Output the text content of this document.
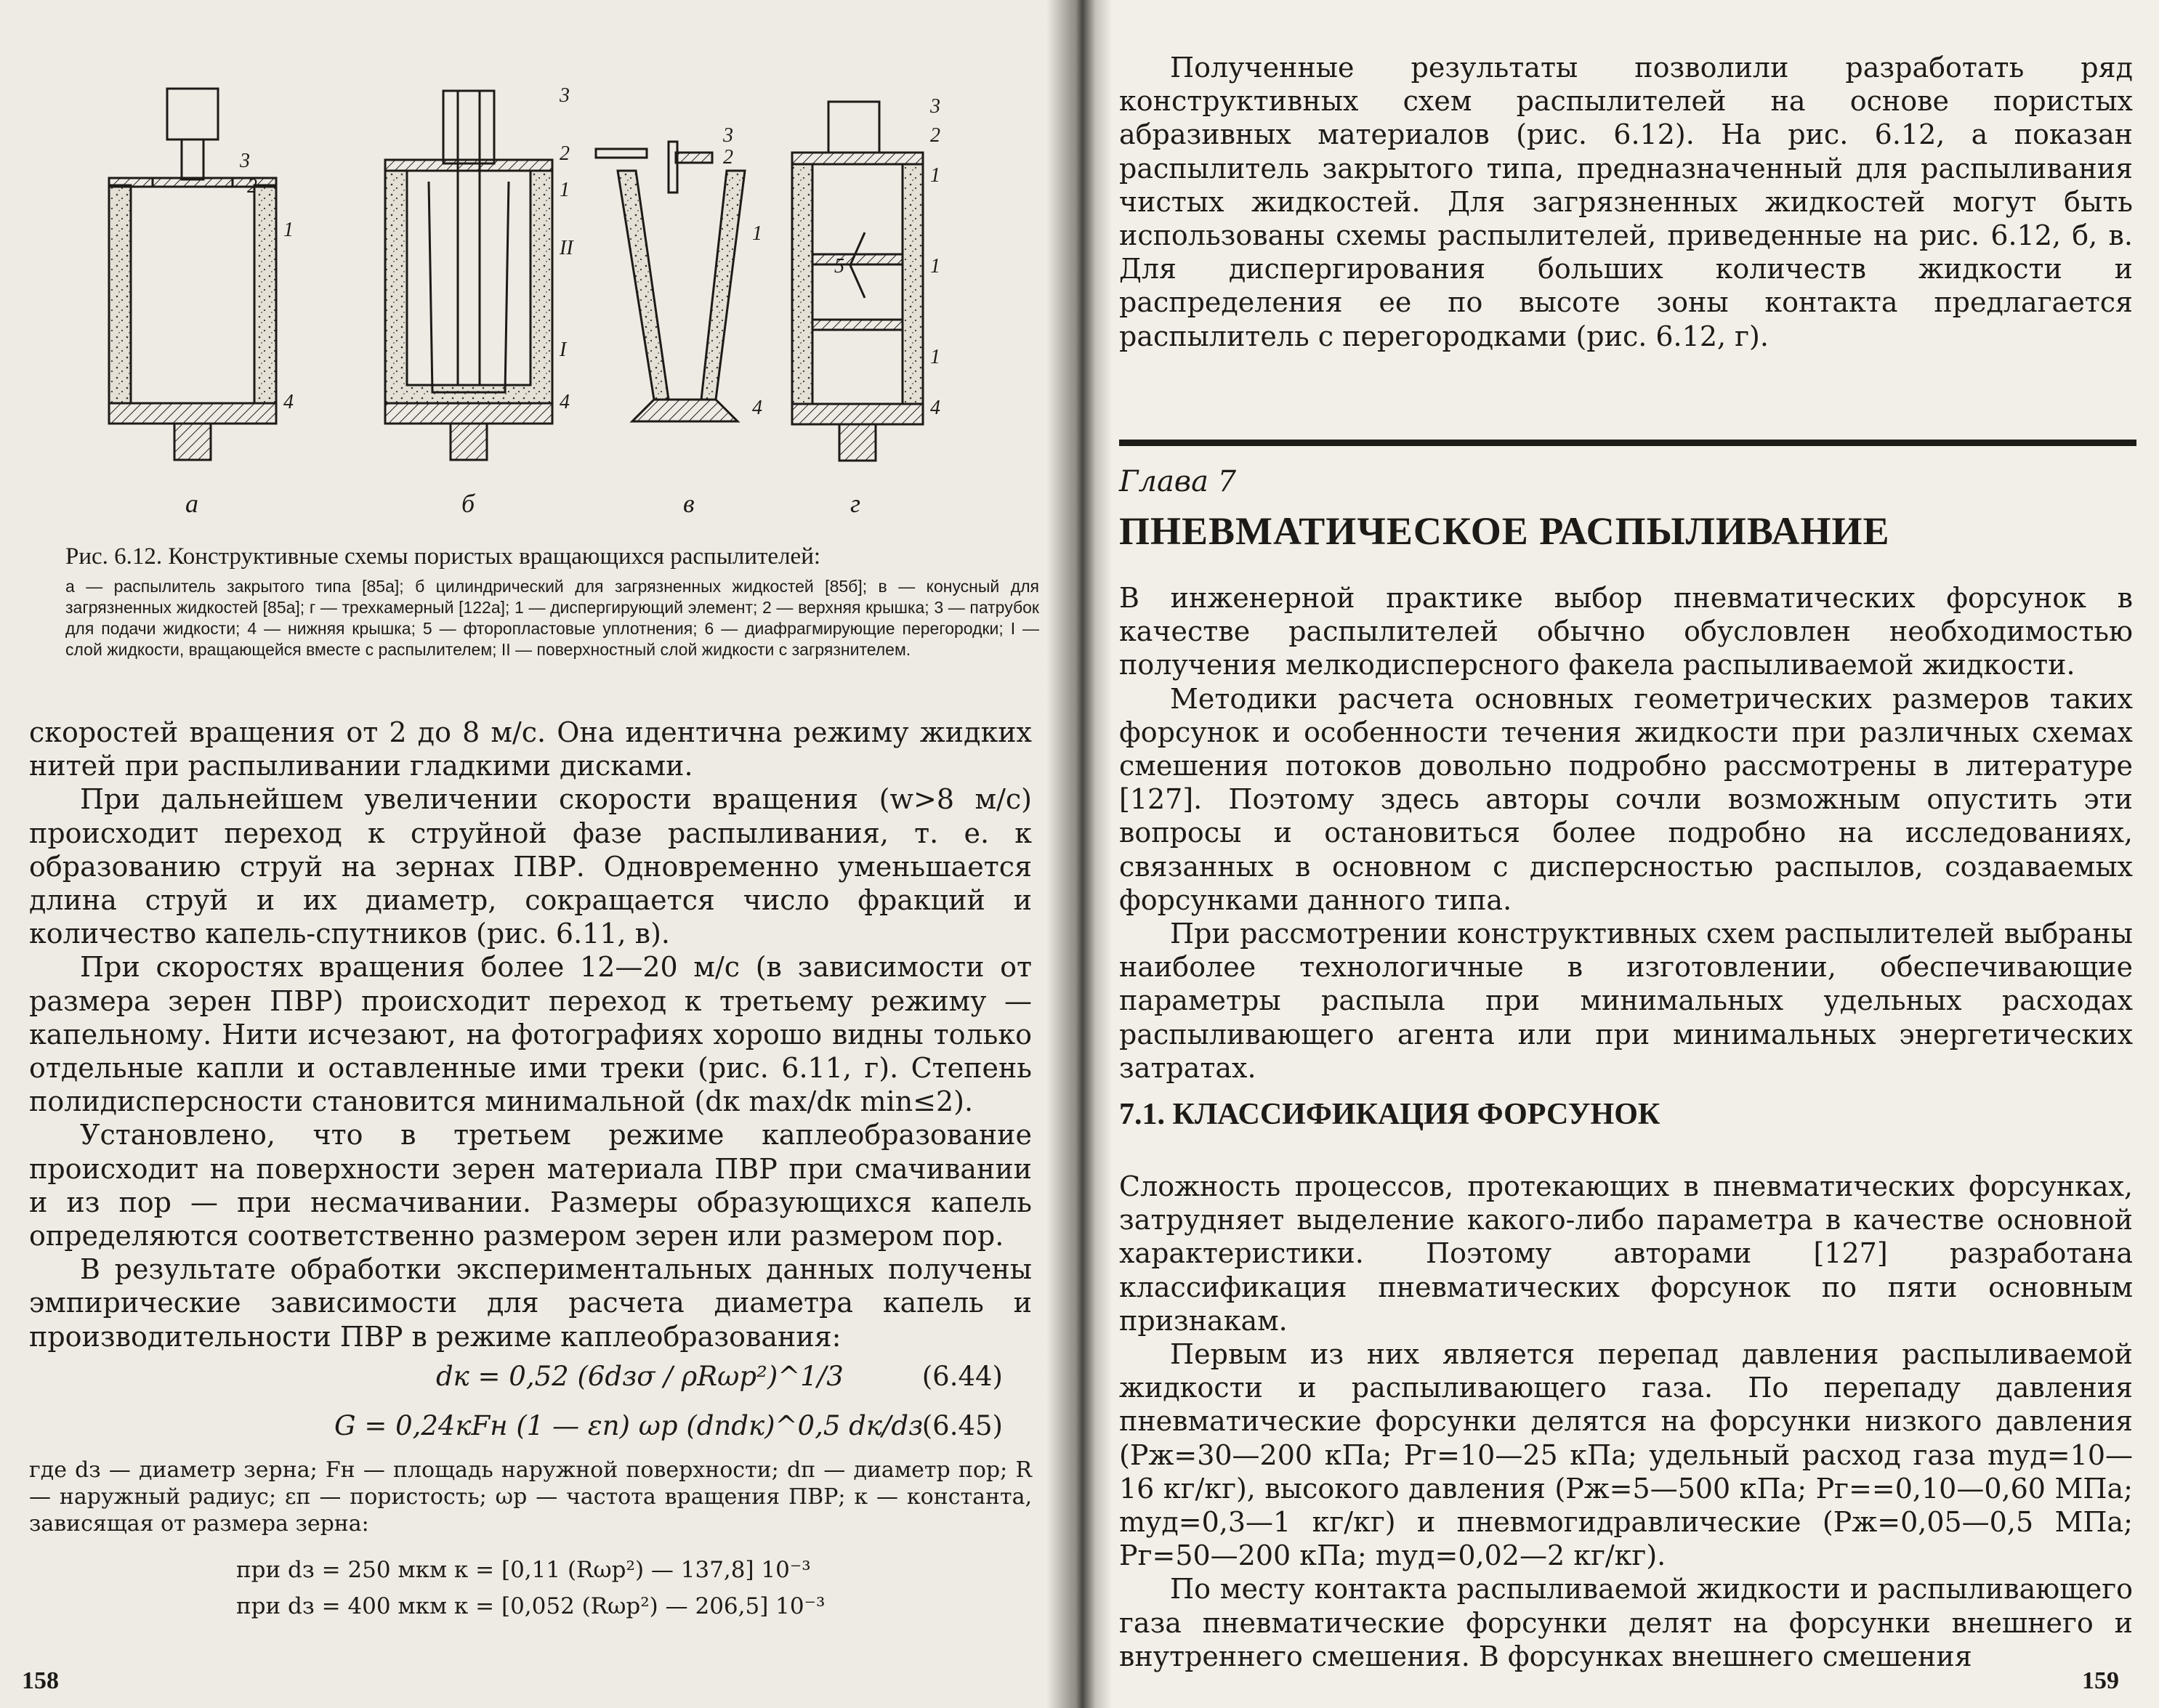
3
2
1
4
3
2
1
II
I
4
3
2
1
4
3
2
1
5	1
1
4
а	б	в	г

Рис. 6.12. Конструктивные схемы пористых вращающихся распылителей:

а — распылитель закрытого типа [85а]; б цилиндрический для загрязненных жидкостей [85б]; в — конусный для загрязненных жидкостей [85а]; г — трехкамерный [122а]; 1 — диспергирующий элемент; 2 — верхняя крышка; 3 — патрубок для подачи жидкости; 4 — нижняя крышка; 5 — фторопластовые уплотнения; 6 — диафрагмирующие перегородки; I — слой жидкости, вращающейся вместе с распылителем; II — поверхностный слой жидкости с загрязнителем.

скоростей вращения от 2 до 8 м/с. Она идентична режиму жидких нитей при распыливании гладкими дисками.

При дальнейшем увеличении скорости вращения (w>8 м/с) происходит переход к струйной фазе распыливания, т. е. к образованию струй на зернах ПВР. Одновременно уменьшается длина струй и их диаметр, сокращается число фракций и количество капель-спутников (рис. 6.11, в).

При скоростях вращения более 12—20 м/с (в зависимости от размера зерен ПВР) происходит переход к третьему режиму — капельному. Нити исчезают, на фотографиях хорошо видны только отдельные капли и оставленные ими треки (рис. 6.11, г). Степень полидисперсности становится минимальной (dк max/dк min≤2).

Установлено, что в третьем режиме каплеобразование происходит на поверхности зерен материала ПВР при смачивании и из пор — при несмачивании. Размеры образующихся капель определяются соответственно размером зерен или размером пор.

В результате обработки экспериментальных данных получены эмпирические зависимости для расчета диаметра капель и производительности ПВР в режиме каплеобразования:

dк = 0,52 (6dзσ / ρRωр²)^1/3	(6.44)
G = 0,24кFн (1 — εп) ωр (dпdк)^0,5 dк/dз
(6.45)

где dз — диаметр зерна; Fн — площадь наружной поверхности; dп — диаметр пор; R — наружный радиус; εп — пористость; ωр — частота вращения ПВР; к — константа, зависящая от размера зерна:

при dз = 250 мкм к = [0,11 (Rωр²) — 137,8] 10⁻³
при dз = 400 мкм к = [0,052 (Rωр²) — 206,5] 10⁻³
158

Полученные результаты позволили разработать ряд конструктивных схем распылителей на основе пористых абразивных материалов (рис. 6.12). На рис. 6.12, а показан распылитель закрытого типа, предназначенный для распыливания чистых жидкостей. Для загрязненных жидкостей могут быть использованы схемы распылителей, приведенные на рис. 6.12, б, в. Для диспергирования больших количеств жидкости и распределения ее по высоте зоны контакта предлагается распылитель с перегородками (рис. 6.12, г).

Глава 7

ПНЕВМАТИЧЕСКОЕ РАСПЫЛИВАНИЕ

В инженерной практике выбор пневматических форсунок в качестве распылителей обычно обусловлен необходимостью получения мелкодисперсного факела распыливаемой жидкости.

Методики расчета основных геометрических размеров таких форсунок и особенности течения жидкости при различных схемах смешения потоков довольно подробно рассмотрены в литературе [127]. Поэтому здесь авторы сочли возможным опустить эти вопросы и остановиться более подробно на исследованиях, связанных в основном с дисперсностью распылов, создаваемых форсунками данного типа.

При рассмотрении конструктивных схем распылителей выбраны наиболее технологичные в изготовлении, обеспечивающие параметры распыла при минимальных удельных расходах распыливающего агента или при минимальных энергетических затратах.

7.1. КЛАССИФИКАЦИЯ ФОРСУНОК

Сложность процессов, протекающих в пневматических форсунках, затрудняет выделение какого-либо параметра в качестве основной характеристики. Поэтому авторами [127] разработана классификация пневматических форсунок по пяти основным признакам.

Первым из них является перепад давления распыливаемой жидкости и распыливающего газа. По перепаду давления пневматические форсунки делятся на форсунки низкого давления (Pж=30—200 кПа; Pг=10—25 кПа; удельный расход газа mуд=10—16 кг/кг), высокого давления (Pж=5—500 кПа; Pг==0,10—0,60 МПа; mуд=0,3—1 кг/кг) и пневмогидравлические (Pж=0,05—0,5 МПа; Pг=50—200 кПа; mуд=0,02—2 кг/кг).

По месту контакта распыливаемой жидкости и распыливающего газа пневматические форсунки делят на форсунки внешнего и внутреннего смешения. В форсунках внешнего смешения

159
